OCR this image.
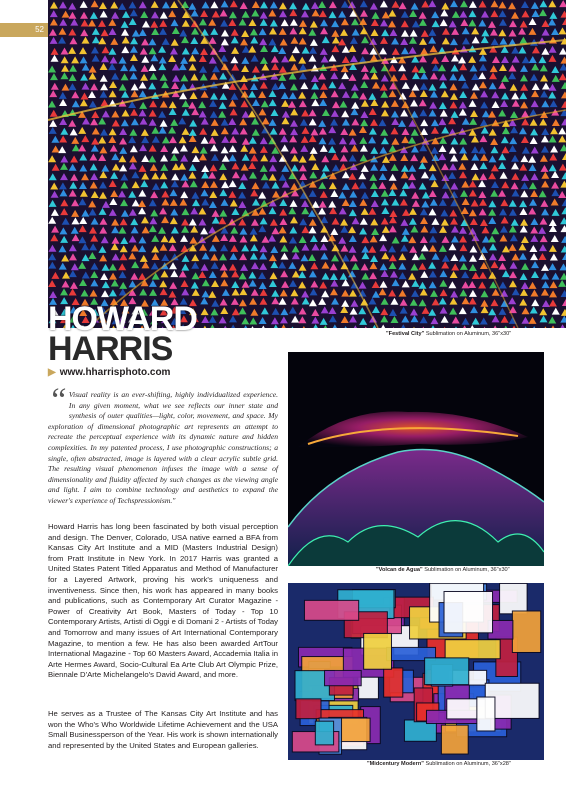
52
HOWARD
HARRIS	"Festival City" Sublimation on Aluminum, 36"x30"
▶ www.hharrisphoto.com
“ Visual reality is an ever-shifting, highly individualized experience. In any given moment, what we see reflects our inner state and synthesis of outer qualities—light, color, movement, and space. My exploration of dimensional photographic art represents an attempt to recreate the perceptual experience with its dynamic nature and hidden complexities. In my patented process, I use photographic constructions; a single, often abstracted, image is layered with a clear acrylic subtle grid. The resulting visual phenomenon infuses the image with a sense of dimensionality and fluidity affected by such changes as the viewing angle and light. I aim to combine technology and aesthetics to expand the viewer's experience of Techspressionism."
Howard Harris has long been fascinated by both visual perception and design. The Denver, Colorado, USA native earned a BFA from Kansas City Art Institute and a MID (Masters Industrial Design) from Pratt Institute in New York. In 2017 Harris was granted a United States Patent Titled Apparatus and Method of Manufacturer for a Layered Artwork, proving his work's uniqueness and inventiveness. Since then, his work has appeared in many books and publications, such as Contemporary Art Curator Magazine - Power of Creativity Art Book, Masters of Today - Top 10 Contemporary Artists, Artisti di Oggi e di Domani 2 - Artists of Today and Tomorrow and many issues of Art International Contemporary Magazine, to mention a few. He has also been awarded ArtTour International Magazine - Top 60 Masters Award, Accademia Italia in Arte Hermes Award, Socio-Cultural Ea Arte Club Art Olympic Prize, Biennale D'Arte Michelangelo's David Award, and more.
He serves as a Trustee of The Kansas City Art Institute and has won the Who's Who Worldwide Lifetime Achievement and the USA Small Businessperson of the Year. His work is shown internationally and represented by the United States and European galleries.
"Volcan de Agua" Sublimation on Aluminum, 36"x30"
"Midcentury Modern" Sublimation on Aluminum, 36"x28"
